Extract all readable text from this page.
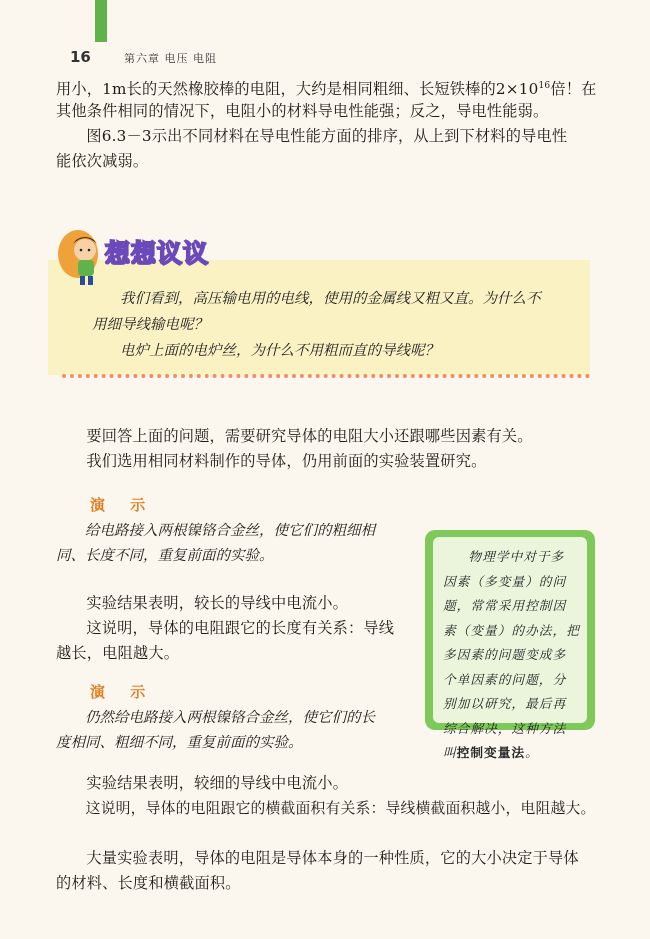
16	第六章 电压 电阻
用小，1m长的天然橡胶棒的电阻，大约是相同粗细、长短铁棒的$2\times 10^{16}$倍！在
其他条件相同的情况下，电阻小的材料导电性能强；反之，导电性能弱。
图6.3－3示出不同材料在导电性能方面的排序，从上到下材料的导电性
能依次减弱。
想想议议
我们看到，高压输电用的电线，使用的金属线又粗又直。为什么不
用细导线输电呢？
电炉上面的电炉丝，为什么不用粗而直的导线呢？
要回答上面的问题，需要研究导体的电阻大小还跟哪些因素有关。
我们选用相同材料制作的导体，仍用前面的实验装置研究。
演 示
给电路接入两根镍铬合金丝，使它们的粗细相
同、长度不同，重复前面的实验。
实验结果表明，较长的导线中电流小。
这说明，导体的电阻跟它的长度有关系：导线
越长，电阻越大。
物理学中对于多
因素（多变量）的问
题，常常采用控制因
素（变量）的办法，把
多因素的问题变成多
个单因素的问题，分
别加以研究，最后再
综合解决，这种方法
叫控制变量法。
演 示
仍然给电路接入两根镍铬合金丝，使它们的长
度相同、粗细不同，重复前面的实验。
实验结果表明，较细的导线中电流小。
这说明，导体的电阻跟它的横截面积有关系：导线横截面积越小，电阻越大。
大量实验表明，导体的电阻是导体本身的一种性质，它的大小决定于导体
的材料、长度和横截面积。
